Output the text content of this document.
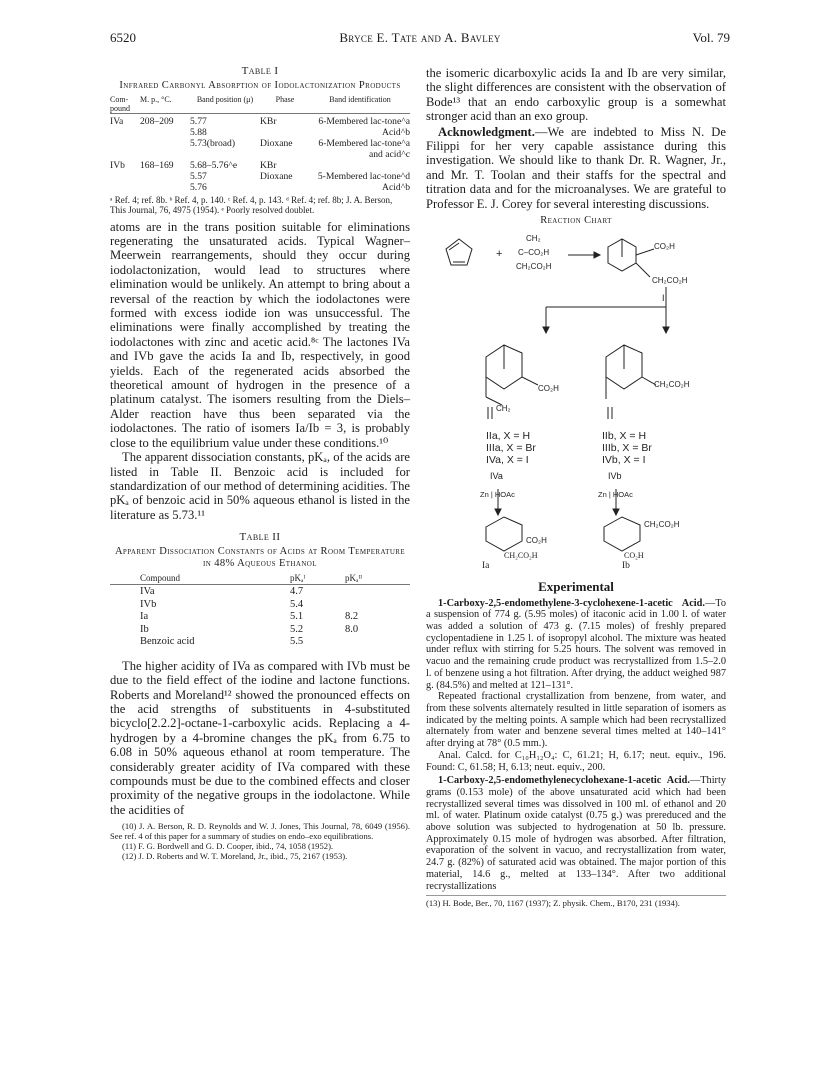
6520	Bryce E. Tate and A. Bavley	Vol. 79
Table I
Infrared Carbonyl Absorption of Iodolactonization Products
Com-pound	M. p., °C.	Band position (μ)	Phase	Band identification

IVa	208–209	5.77	KBr	6-Membered lac-tone^a
		5.88		Acid^b
		5.73(broad)	Dioxane	6-Membered lac-tone^a and acid^c
IVb	168–169	5.68–5.76^e	KBr	
		5.57	Dioxane	5-Membered lac-tone^d
		5.76		Acid^b
ᵃ Ref. 4; ref. 8b. ᵇ Ref. 4, p. 140. ᶜ Ref. 4, p. 143. ᵈ Ref. 4; ref. 8b; J. A. Berson, This Journal, 76, 4975 (1954). ᵉ Poorly resolved doublet.

atoms are in the trans position suitable for eliminations regenerating the unsaturated acids. Typical Wagner–Meerwein rearrangements, should they occur during iodolactonization, would lead to structures where elimination would be unlikely. An attempt to bring about a reversal of the reaction by which the iodolactones were formed with excess iodide ion was unsuccessful. The eliminations were finally accomplished by treating the iodolactones with zinc and acetic acid.⁸ᶜ The lactones IVa and IVb gave the acids Ia and Ib, respectively, in good yields. Each of the regenerated acids absorbed the theoretical amount of hydrogen in the presence of a platinum catalyst. The isomers resulting from the Diels–Alder reaction have thus been separated via the iodolactones. The ratio of isomers Ia/Ib = 3, is probably close to the equilibrium value under these conditions.¹⁰

The apparent dissociation constants, pKₐ, of the acids are listed in Table II. Benzoic acid is included for standardization of our method of determining acidities. The pKₐ of benzoic acid in 50% aqueous ethanol is listed in the literature as 5.73.¹¹

Table II
Apparent Dissociation Constants of Acids at Room Temperature in 48% Aqueous Ethanol
Compound	pKₐᴵ	pKₐᴵᴵ

IVa	4.7	
IVb	5.4	
Ia	5.1	8.2
Ib	5.2	8.0
Benzoic acid	5.5	
The higher acidity of IVa as compared with IVb must be due to the field effect of the iodine and lactone functions. Roberts and Moreland¹² showed the pronounced effects on the acid strengths of substituents in 4-substituted bicyclo[2.2.2]-octane-1-carboxylic acids. Replacing a 4-hydrogen by a 4-bromine changes the pKₐ from 6.75 to 6.08 in 50% aqueous ethanol at room temperature. The considerably greater acidity of IVa compared with these compounds must be due to the combined effects and closer proximity of the negative groups in the iodolactone. While the acidities of

(10) J. A. Berson, R. D. Reynolds and W. J. Jones, This Journal, 78, 6049 (1956). See ref. 4 of this paper for a summary of studies on endo–exo equilibrations.

(11) F. G. Bordwell and G. D. Cooper, ibid., 74, 1058 (1952).

(12) J. D. Roberts and W. T. Moreland, Jr., ibid., 75, 2167 (1953).

the isomeric dicarboxylic acids Ia and Ib are very similar, the slight differences are consistent with the observation of Bode¹³ that an endo carboxylic group is a somewhat stronger acid than an exo group.
Acknowledgment.—We are indebted to Miss N. De Filippi for her very capable assistance during this investigation. We should like to thank Dr. R. Wagner, Jr., and Mr. T. Toolan and their staffs for the spectral and titration data and for the microanalyses. We are grateful to Professor E. J. Corey for several interesting discussions.
Reaction Chart
CH₂
C–CO₂H
CH₂CO₂H
+
CO₂H
CH₂CO₂H
I
CO₂H
CH₂
CH₂CO₂H
IIa, X = H
IIIa, X = Br
IVa, X = I
IIb, X = H
IIIb, X = Br
IVb, X = I
IVa	IVb
Zn | HOAc	Zn | HOAc
CO₂H
CH₂CO₂H
CH₂CO₂H	CO₂H
Ia	Ib
Experimental

1-Carboxy-2,5-endomethylene-3-cyclohexene-1-acetic Acid.—To a suspension of 774 g. (5.95 moles) of itaconic acid in 1.00 l. of water was added a solution of 473 g. (7.15 moles) of freshly prepared cyclopentadiene in 1.25 l. of isopropyl alcohol. The mixture was heated under reflux with stirring for 5.25 hours. The solvent was removed in vacuo and the remaining crude product was recrystallized from 1.5–2.0 l. of benzene using a hot filtration. After drying, the adduct weighed 987 g. (84.5%) and melted at 121–131°.

Repeated fractional crystallization from benzene, from water, and from these solvents alternately resulted in little separation of isomers as indicated by the melting points. A sample which had been recrystallized alternately from water and benzene several times melted at 140–141° after drying at 78° (0.5 mm.).

Anal. Calcd. for C₁₀H₁₂O₄: C, 61.21; H, 6.17; neut. equiv., 196. Found: C, 61.58; H, 6.13; neut. equiv., 200.

1-Carboxy-2,5-endomethylenecyclohexane-1-acetic Acid.—Thirty grams (0.153 mole) of the above unsaturated acid which had been recrystallized several times was dissolved in 100 ml. of ethanol and 20 ml. of water. Platinum oxide catalyst (0.75 g.) was prereduced and the above solution was subjected to hydrogenation at 50 lb. pressure. Approximately 0.15 mole of hydrogen was absorbed. After filtration, evaporation of the solvent in vacuo, and recrystallization from water, 24.7 g. (82%) of saturated acid was obtained. The major portion of this material, 14.6 g., melted at 133–134°. After two additional recrystallizations

(13) H. Bode, Ber., 70, 1167 (1937); Z. physik. Chem., B170, 231 (1934).
